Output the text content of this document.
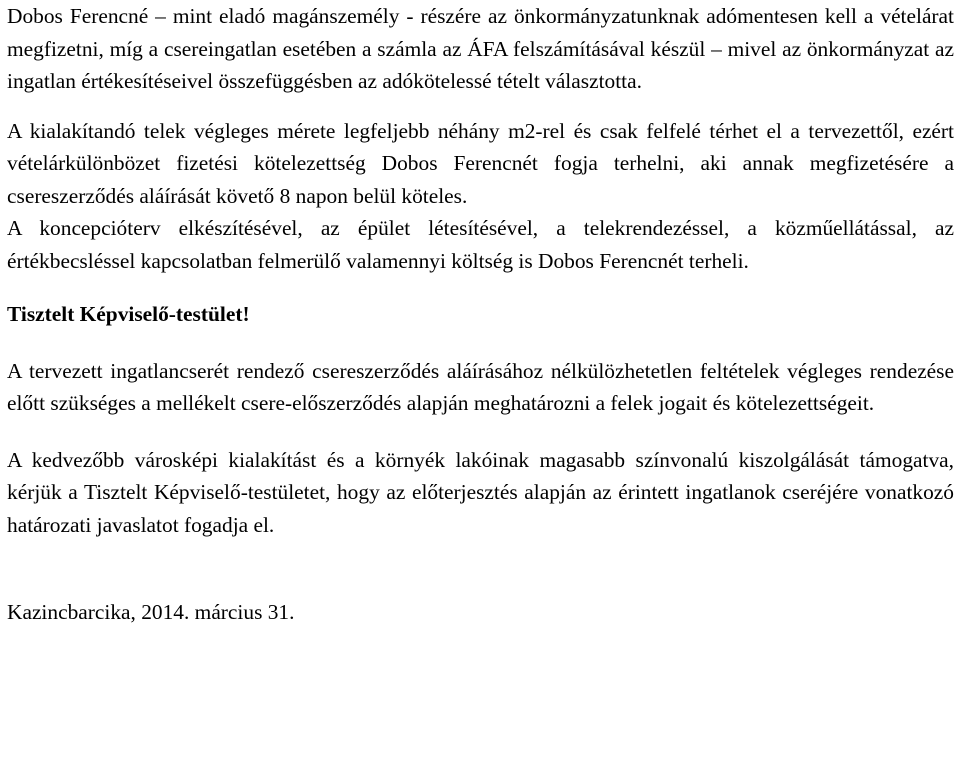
Dobos Ferencné – mint eladó magánszemély - részére az önkormányzatunknak adómentesen kell a vételárat megfizetni, míg a csereingatlan esetében a számla az ÁFA felszámításával készül – mivel az önkormányzat az ingatlan értékesítéseivel összefüggésben az adókötelessé tételt választotta.

A kialakítandó telek végleges mérete legfeljebb néhány m2-rel és csak felfelé térhet el a tervezettől, ezért vételárkülönbözet fizetési kötelezettség Dobos Ferencnét fogja terhelni, aki annak megfizetésére a csereszerződés aláírását követő 8 napon belül köteles.

A koncepcióterv elkészítésével, az épület létesítésével, a telekrendezéssel, a közműellátással, az értékbecsléssel kapcsolatban felmerülő valamennyi költség is Dobos Ferencnét terheli.

Tisztelt Képviselő-testület!

A tervezett ingatlancserét rendező csereszerződés aláírásához nélkülözhetetlen feltételek végleges rendezése előtt szükséges a mellékelt csere-előszerződés alapján meghatározni a felek jogait és kötelezettségeit.

A kedvezőbb városképi kialakítást és a környék lakóinak magasabb színvonalú kiszolgálását támogatva, kérjük a Tisztelt Képviselő-testületet, hogy az előterjesztés alapján az érintett ingatlanok cseréjére vonatkozó határozati javaslatot fogadja el.

Kazincbarcika, 2014. március 31.
